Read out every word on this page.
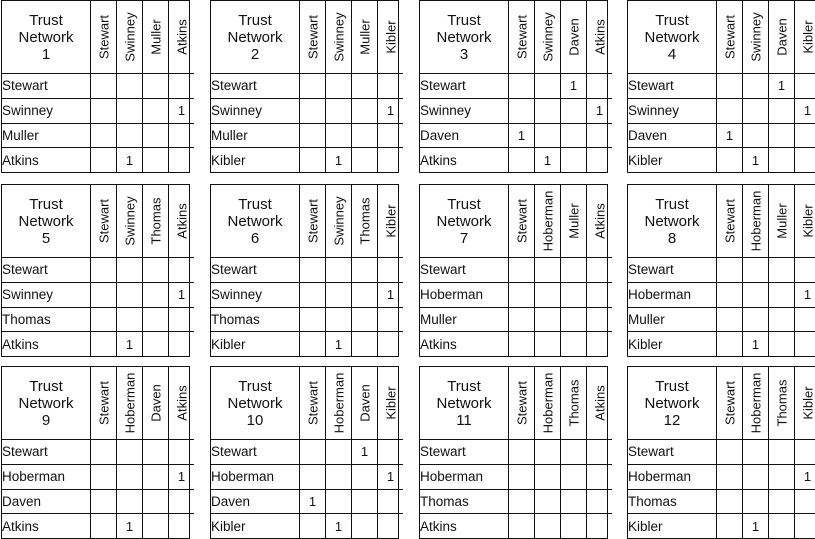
Trust
Network
1	Stewart	Swinney	Muller	Atkins

Stewart				
Swinney				1
Muller				
Atkins		1		
Trust
Network
2	Stewart	Swinney	Muller	Kibler

Stewart				
Swinney				1
Muller				
Kibler		1		
Trust
Network
3	Stewart	Swinney	Daven	Atkins

Stewart			1	
Swinney				1
Daven	1			
Atkins		1		
Trust
Network
4	Stewart	Swinney	Daven	Kibler

Stewart			1	
Swinney				1
Daven	1			
Kibler		1		
Trust
Network
5	Stewart	Swinney	Thomas	Atkins

Stewart				
Swinney				1
Thomas				
Atkins		1		
Trust
Network
6	Stewart	Swinney	Thomas	Kibler

Stewart				
Swinney				1
Thomas				
Kibler		1		
Trust
Network
7	Stewart	Hoberman	Muller	Atkins

Stewart				
Hoberman				
Muller				
Atkins				
Trust
Network
8	Stewart	Hoberman	Muller	Kibler

Stewart				
Hoberman				1
Muller				
Kibler		1		
Trust
Network
9	Stewart	Hoberman	Daven	Atkins

Stewart				
Hoberman				1
Daven				
Atkins		1		
Trust
Network
10	Stewart	Hoberman	Daven	Kibler

Stewart			1	
Hoberman				1
Daven	1			
Kibler		1		
Trust
Network
11	Stewart	Hoberman	Thomas	Atkins

Stewart				
Hoberman				
Thomas				
Atkins				
Trust
Network
12	Stewart	Hoberman	Thomas	Kibler

Stewart				
Hoberman				1
Thomas				
Kibler		1		
